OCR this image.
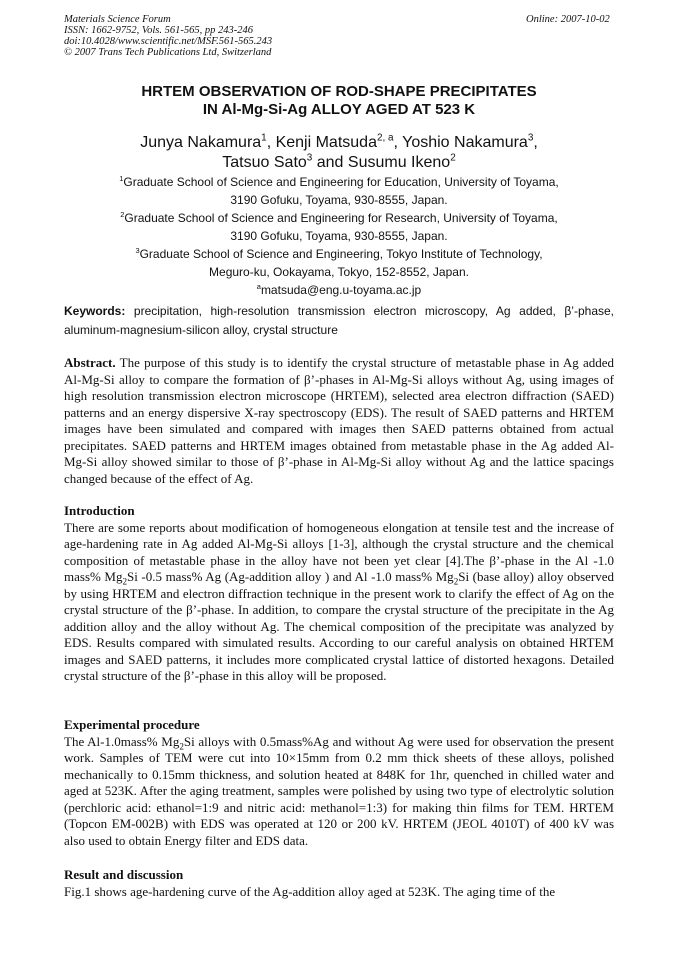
Materials Science Forum
ISSN: 1662-9752, Vols. 561-565, pp 243-246
doi:10.4028/www.scientific.net/MSF.561-565.243
© 2007 Trans Tech Publications Ltd, Switzerland
Online: 2007-10-02
HRTEM OBSERVATION OF ROD-SHAPE PRECIPITATES
IN Al-Mg-Si-Ag ALLOY AGED AT 523 K
Junya Nakamura$^1$, Kenji Matsuda$^{2, a}$, Yoshio Nakamura$^3$,
Tatsuo Sato$^3$ and Susumu Ikeno$^2$
$^1$Graduate School of Science and Engineering for Education, University of Toyama,
3190 Gofuku, Toyama, 930-8555, Japan.
$^2$Graduate School of Science and Engineering for Research, University of Toyama,
3190 Gofuku, Toyama, 930-8555, Japan.
$^3$Graduate School of Science and Engineering, Tokyo Institute of Technology,
Meguro-ku, Ookayama, Tokyo, 152-8552, Japan.
$^a$matsuda@eng.u-toyama.ac.jp
Keywords: precipitation, high-resolution transmission electron microscopy, Ag added, β’-phase, aluminum-magnesium-silicon alloy, crystal structure
Abstract. The purpose of this study is to identify the crystal structure of metastable phase in Ag added Al-Mg-Si alloy to compare the formation of β’-phases in Al-Mg-Si alloys without Ag, using images of high resolution transmission electron microscope (HRTEM), selected area electron diffraction (SAED) patterns and an energy dispersive X-ray spectroscopy (EDS). The result of SAED patterns and HRTEM images have been simulated and compared with images then SAED patterns obtained from actual precipitates. SAED patterns and HRTEM images obtained from metastable phase in the Ag added Al-Mg-Si alloy showed similar to those of β’-phase in Al-Mg-Si alloy without Ag and the lattice spacings changed because of the effect of Ag.
Introduction
There are some reports about modification of homogeneous elongation at tensile test and the increase of age-hardening rate in Ag added Al-Mg-Si alloys [1-3], although the crystal structure and the chemical composition of metastable phase in the alloy have not been yet clear [4].The β’-phase in the Al -1.0 mass% $Mg_2Si$ -0.5 mass% Ag (Ag-addition alloy ) and Al -1.0 mass% $Mg_2Si$ (base alloy) alloy observed by using HRTEM and electron diffraction technique in the present work to clarify the effect of Ag on the crystal structure of the β’-phase. In addition, to compare the crystal structure of the precipitate in the Ag addition alloy and the alloy without Ag. The chemical composition of the precipitate was analyzed by EDS. Results compared with simulated results. According to our careful analysis on obtained HRTEM images and SAED patterns, it includes more complicated crystal lattice of distorted hexagons. Detailed crystal structure of the β’-phase in this alloy will be proposed.
Experimental procedure
The Al-1.0mass% $Mg_2Si$ alloys with 0.5mass%Ag and without Ag were used for observation the present work. Samples of TEM were cut into 10×15mm from 0.2 mm thick sheets of these alloys, polished mechanically to 0.15mm thickness, and solution heated at 848K for 1hr, quenched in chilled water and aged at 523K. After the aging treatment, samples were polished by using two type of electrolytic solution (perchloric acid: ethanol=1:9 and nitric acid: methanol=1:3) for making thin films for TEM. HRTEM (Topcon EM-002B) with EDS was operated at 120 or 200 kV. HRTEM (JEOL 4010T) of 400 kV was also used to obtain Energy filter and EDS data.
Result and discussion
Fig.1 shows age-hardening curve of the Ag-addition alloy aged at 523K. The aging time of the
